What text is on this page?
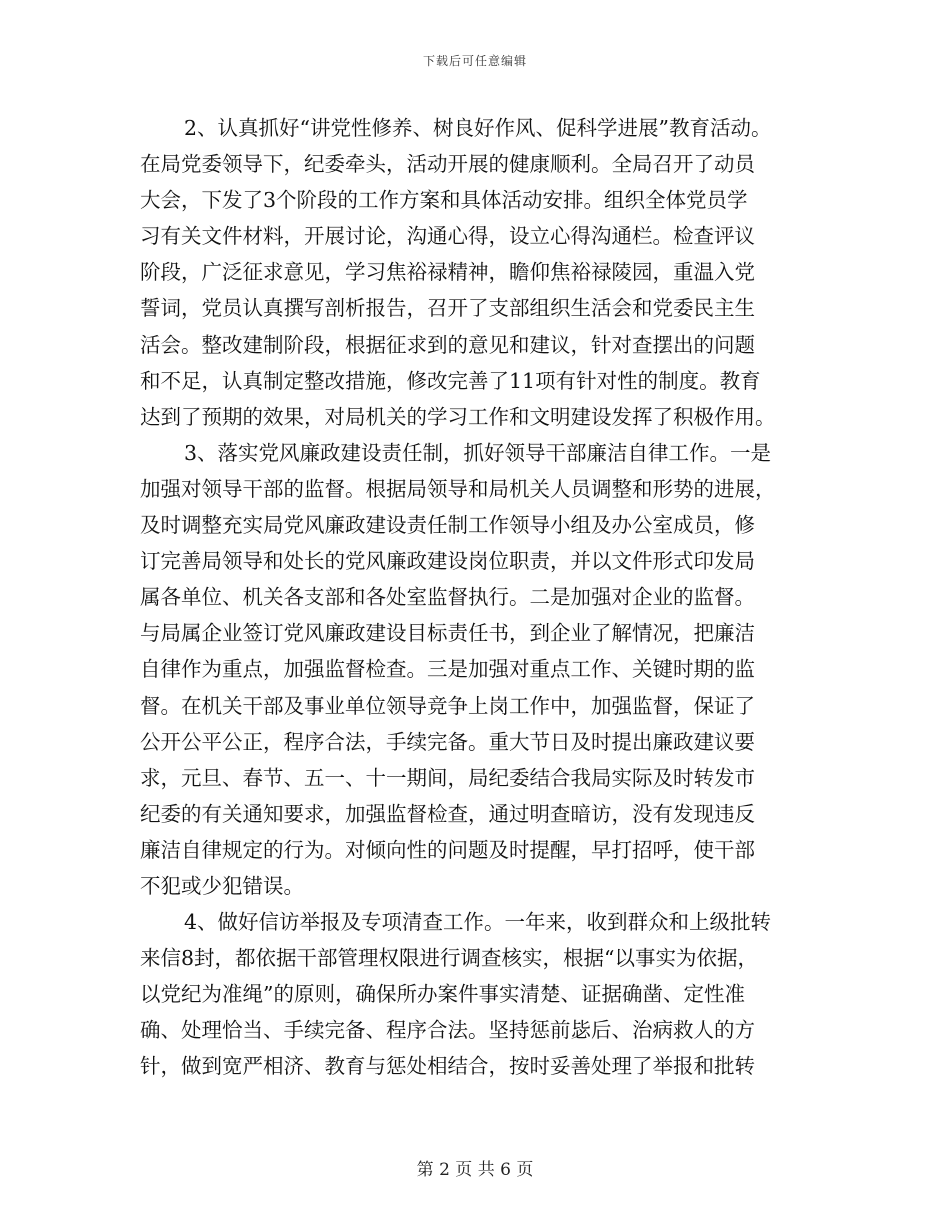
下载后可任意编辑
2、认真抓好“讲党性修养、树良好作风、促科学进展”教育活动。
在局党委领导下，纪委牵头，活动开展的健康顺利。全局召开了动员
大会，下发了3个阶段的工作方案和具体活动安排。组织全体党员学
习有关文件材料，开展讨论，沟通心得，设立心得沟通栏。检查评议
阶段，广泛征求意见，学习焦裕禄精神，瞻仰焦裕禄陵园，重温入党
誓词，党员认真撰写剖析报告，召开了支部组织生活会和党委民主生
活会。整改建制阶段，根据征求到的意见和建议，针对查摆出的问题
和不足，认真制定整改措施，修改完善了11项有针对性的制度。教育
达到了预期的效果，对局机关的学习工作和文明建设发挥了积极作用。
3、落实党风廉政建设责任制，抓好领导干部廉洁自律工作。一是
加强对领导干部的监督。根据局领导和局机关人员调整和形势的进展，
及时调整充实局党风廉政建设责任制工作领导小组及办公室成员，修
订完善局领导和处长的党风廉政建设岗位职责，并以文件形式印发局
属各单位、机关各支部和各处室监督执行。二是加强对企业的监督。
与局属企业签订党风廉政建设目标责任书，到企业了解情况，把廉洁
自律作为重点，加强监督检查。三是加强对重点工作、关键时期的监
督。在机关干部及事业单位领导竞争上岗工作中，加强监督，保证了
公开公平公正，程序合法，手续完备。重大节日及时提出廉政建议要
求，元旦、春节、五一、十一期间，局纪委结合我局实际及时转发市
纪委的有关通知要求，加强监督检查，通过明查暗访，没有发现违反
廉洁自律规定的行为。对倾向性的问题及时提醒，早打招呼，使干部
不犯或少犯错误。
4、做好信访举报及专项清查工作。一年来，收到群众和上级批转
来信8封，都依据干部管理权限进行调查核实，根据“以事实为依据，
以党纪为准绳”的原则，确保所办案件事实清楚、证据确凿、定性准
确、处理恰当、手续完备、程序合法。坚持惩前毖后、治病救人的方
针，做到宽严相济、教育与惩处相结合，按时妥善处理了举报和批转
第 2 页 共 6 页
